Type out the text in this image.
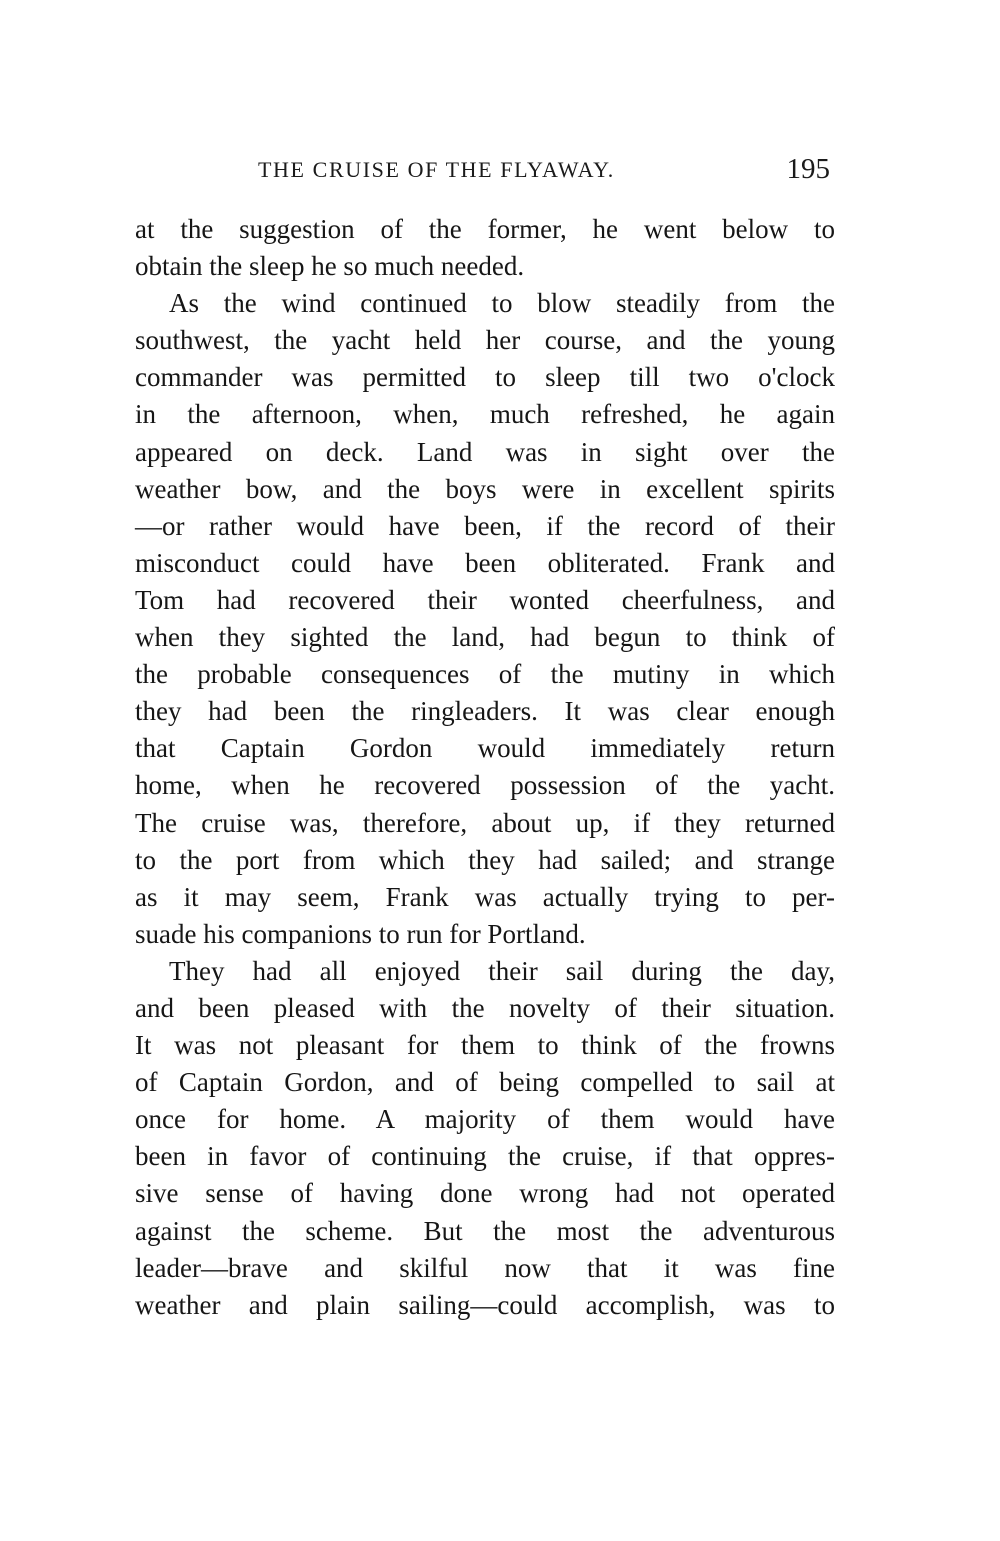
THE CRUISE OF THE FLYAWAY.	195
at the suggestion of the former, he went below to
obtain the sleep he so much needed.
As the wind continued to blow steadily from the
southwest, the yacht held her course, and the young
commander was permitted to sleep till two o'clock
in the afternoon, when, much refreshed, he again
appeared on deck. Land was in sight over the
weather bow, and the boys were in excellent spirits
—or rather would have been, if the record of their
misconduct could have been obliterated. Frank and
Tom had recovered their wonted cheerfulness, and
when they sighted the land, had begun to think of
the probable consequences of the mutiny in which
they had been the ringleaders. It was clear enough
that Captain Gordon would immediately return
home, when he recovered possession of the yacht.
The cruise was, therefore, about up, if they returned
to the port from which they had sailed; and strange
as it may seem, Frank was actually trying to per-
suade his companions to run for Portland.
They had all enjoyed their sail during the day,
and been pleased with the novelty of their situation.
It was not pleasant for them to think of the frowns
of Captain Gordon, and of being compelled to sail at
once for home. A majority of them would have
been in favor of continuing the cruise, if that oppres-
sive sense of having done wrong had not operated
against the scheme. But the most the adventurous
leader—brave and skilful now that it was fine
weather and plain sailing—could accomplish, was to
